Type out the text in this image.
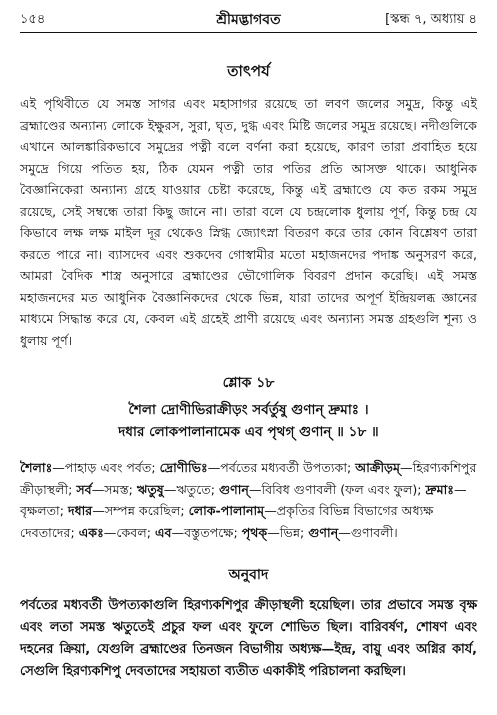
১৫৪	শ্রীমদ্ভাগবত	[স্কন্ধ ৭, অধ্যায় ৪
তাৎপর্য

এই পৃথিবীতে যে সমস্ত সাগর এবং মহাসাগর রয়েছে তা লবণ জলের সমুদ্র, কিন্তু এই ব্রহ্মাণ্ডের অন্যান্য লোকে ইক্ষুরস, সুরা, ঘৃত, দুগ্ধ এবং মিষ্টি জলের সমুদ্র রয়েছে। নদীগুলিকে এখানে আলঙ্কারিকভাবে সমুদ্রের পত্নী বলে বর্ণনা করা হয়েছে, কারণ তারা প্রবাহিত হয়ে সমুদ্রে গিয়ে পতিত হয়, ঠিক যেমন পত্নী তার পতির প্রতি আসক্ত থাকে। আধুনিক বৈজ্ঞানিকেরা অন্যান্য গ্রহে যাওয়ার চেষ্টা করেছে, কিন্তু এই ব্রহ্মাণ্ডে যে কত রকম সমুদ্র রয়েছে, সেই সম্বন্ধে তারা কিছু জানে না। তারা বলে যে চন্দ্রলোক ধুলায় পূর্ণ, কিন্তু চন্দ্র যে কিভাবে লক্ষ লক্ষ মাইল দূর থেকেও স্নিগ্ধ জ্যোৎস্না বিতরণ করে তার কোন বিশ্লেষণ তারা করতে পারে না। ব্যাসদেব এবং শুকদেব গোস্বামীর মতো মহাজনদের পদাঙ্ক অনুসরণ করে, আমরা বৈদিক শাস্ত্র অনুসারে ব্রহ্মাণ্ডের ভৌগোলিক বিবরণ প্রদান করেছি। এই সমস্ত মহাজনদের মত আধুনিক বৈজ্ঞানিকদের থেকে ভিন্ন, যারা তাদের অপূর্ণ ইন্দ্রিয়লব্ধ জ্ঞানের মাধ্যমে সিদ্ধান্ত করে যে, কেবল এই গ্রহেই প্রাণী রয়েছে এবং অন্যান্য সমস্ত গ্রহগুলি শূন্য ও ধুলায় পূর্ণ।

শ্লোক ১৮

শৈলা দ্রোণীভিরাক্রীড়ং সর্বর্তুষু গুণান্ দ্রুমাঃ ।

দধার লোকপালানামেক এব পৃথগ্ গুণান্ ॥ ১৮ ॥

শৈলাঃ—পাহাড় এবং পর্বত; দ্রোণীভিঃ—পর্বতের মধ্যবর্তী উপত্যকা; আক্রীড়ম্—হিরণ্যকশিপুর ক্রীড়াস্থলী; সর্ব—সমস্ত; ঋতুষু—ঋতুতে; গুণান্—বিবিধ গুণাবলী (ফল এবং ফুল); দ্রুমাঃ—বৃক্ষলতা; দধার—সম্পন্ন করেছিল; লোক-পালানাম্—প্রকৃতির বিভিন্ন বিভাগের অধ্যক্ষ দেবতাদের; একঃ—কেবল; এব—বস্তুতপক্ষে; পৃথক্—ভিন্ন; গুণান্—গুণাবলী।

অনুবাদ

পর্বতের মধ্যবর্তী উপত্যকাগুলি হিরণ্যকশিপুর ক্রীড়াস্থলী হয়েছিল। তার প্রভাবে সমস্ত বৃক্ষ এবং লতা সমস্ত ঋতুতেই প্রচুর ফল এবং ফুলে শোভিত ছিল। বারিবর্ষণ, শোষণ এবং দহনের ক্রিয়া, যেগুলি ব্রহ্মাণ্ডের তিনজন বিভাগীয় অধ্যক্ষ—ইন্দ্র, বায়ু এবং অগ্নির কার্য, সেগুলি হিরণ্যকশিপু দেবতাদের সহায়তা ব্যতীত একাকীই পরিচালনা করছিল।
